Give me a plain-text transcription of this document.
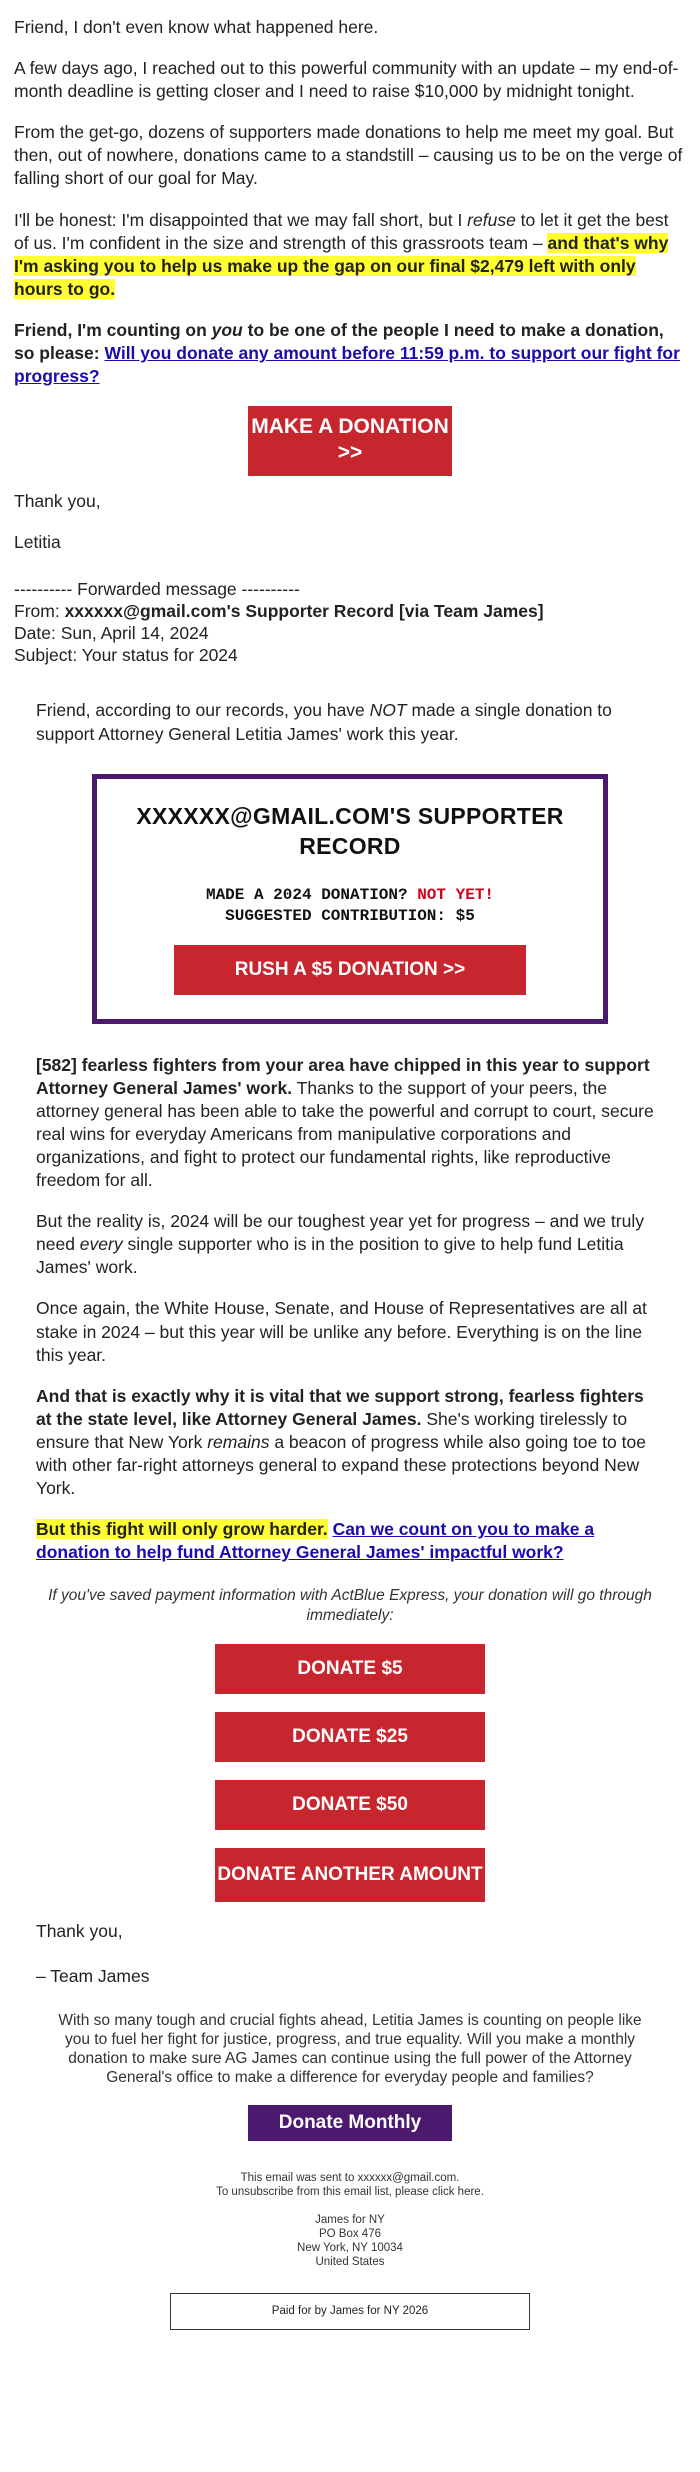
Friend, I don't even know what happened here.

A few days ago, I reached out to this powerful community with an update – my end-of-month deadline is getting closer and I need to raise $10,000 by midnight tonight.

From the get-go, dozens of supporters made donations to help me meet my goal. But then, out of nowhere, donations came to a standstill – causing us to be on the verge of falling short of our goal for May.

I'll be honest: I'm disappointed that we may fall short, but I refuse to let it get the best of us. I'm confident in the size and strength of this grassroots team – and that's why I'm asking you to help us make up the gap on our final $2,479 left with only hours to go.

Friend, I'm counting on you to be one of the people I need to make a donation, so please: Will you donate any amount before 11:59 p.m. to support our fight for progress?

MAKE A DONATION >>

Thank you,

Letitia

---------- Forwarded message ----------
From: xxxxxx@gmail.com's Supporter Record [via Team James]
Date: Sun, April 14, 2024
Subject: Your status for 2024

Friend, according to our records, you have NOT made a single donation to support Attorney General Letitia James' work this year.

XXXXXX@GMAIL.COM'S SUPPORTER RECORD
MADE A 2024 DONATION? NOT YET!
SUGGESTED CONTRIBUTION: $5
RUSH A $5 DONATION >>

[582] fearless fighters from your area have chipped in this year to support Attorney General James' work. Thanks to the support of your peers, the attorney general has been able to take the powerful and corrupt to court, secure real wins for everyday Americans from manipulative corporations and organizations, and fight to protect our fundamental rights, like reproductive freedom for all.

But the reality is, 2024 will be our toughest year yet for progress – and we truly need every single supporter who is in the position to give to help fund Letitia James' work.

Once again, the White House, Senate, and House of Representatives are all at stake in 2024 – but this year will be unlike any before. Everything is on the line this year.

And that is exactly why it is vital that we support strong, fearless fighters at the state level, like Attorney General James. She's working tirelessly to ensure that New York remains a beacon of progress while also going toe to toe with other far-right attorneys general to expand these protections beyond New York.

But this fight will only grow harder. Can we count on you to make a donation to help fund Attorney General James' impactful work?

If you've saved payment information with ActBlue Express, your donation will go through immediately:

DONATE $5
DONATE $25
DONATE $50
DONATE ANOTHER AMOUNT

Thank you,

– Team James

With so many tough and crucial fights ahead, Letitia James is counting on people like you to fuel her fight for justice, progress, and true equality. Will you make a monthly donation to make sure AG James can continue using the full power of the Attorney General's office to make a difference for everyday people and families?
Donate Monthly
This email was sent to xxxxxx@gmail.com.
To unsubscribe from this email list, please click here.
James for NY
PO Box 476
New York, NY 10034
United States
Paid for by James for NY 2026
